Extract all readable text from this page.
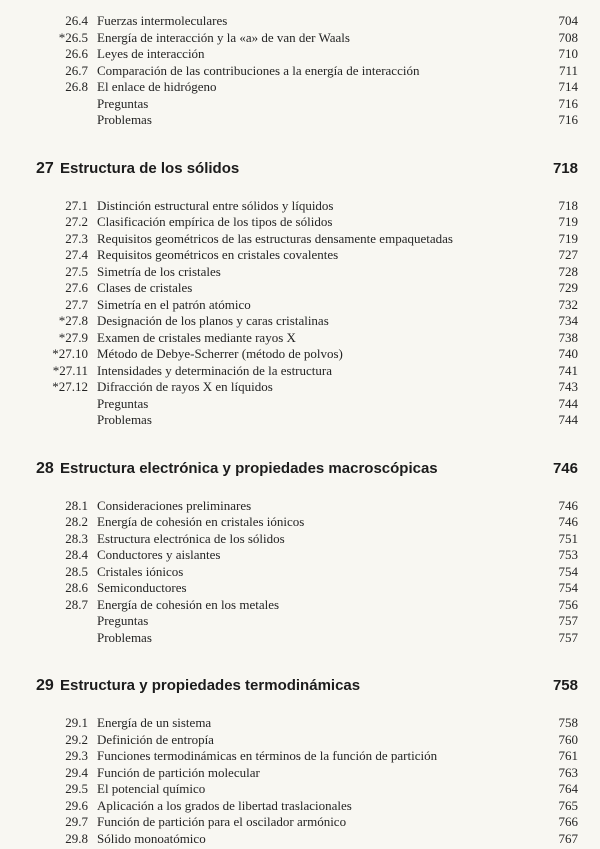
26.4 Fuerzas intermoleculares	704
*26.5 Energía de interacción y la «a» de van der Waals	708
26.6 Leyes de interacción	710
26.7 Comparación de las contribuciones a la energía de interacción	711
26.8 El enlace de hidrógeno	714
Preguntas	716
Problemas	716
27 Estructura de los sólidos	718
27.1 Distinción estructural entre sólidos y líquidos	718
27.2 Clasificación empírica de los tipos de sólidos	719
27.3 Requisitos geométricos de las estructuras densamente empaquetadas	719
27.4 Requisitos geométricos en cristales covalentes	727
27.5 Simetría de los cristales	728
27.6 Clases de cristales	729
27.7 Simetría en el patrón atómico	732
*27.8 Designación de los planos y caras cristalinas	734
*27.9 Examen de cristales mediante rayos X	738
*27.10 Método de Debye-Scherrer (método de polvos)	740
*27.11 Intensidades y determinación de la estructura	741
*27.12 Difracción de rayos X en líquidos	743
Preguntas	744
Problemas	744
28 Estructura electrónica y propiedades macroscópicas	746
28.1 Consideraciones preliminares	746
28.2 Energía de cohesión en cristales iónicos	746
28.3 Estructura electrónica de los sólidos	751
28.4 Conductores y aislantes	753
28.5 Cristales iónicos	754
28.6 Semiconductores	754
28.7 Energía de cohesión en los metales	756
Preguntas	757
Problemas	757
29 Estructura y propiedades termodinámicas	758
29.1 Energía de un sistema	758
29.2 Definición de entropía	760
29.3 Funciones termodinámicas en términos de la función de partición	761
29.4 Función de partición molecular	763
29.5 El potencial químico	764
29.6 Aplicación a los grados de libertad traslacionales	765
29.7 Función de partición para el oscilador armónico	766
29.8 Sólido monoatómico	767
